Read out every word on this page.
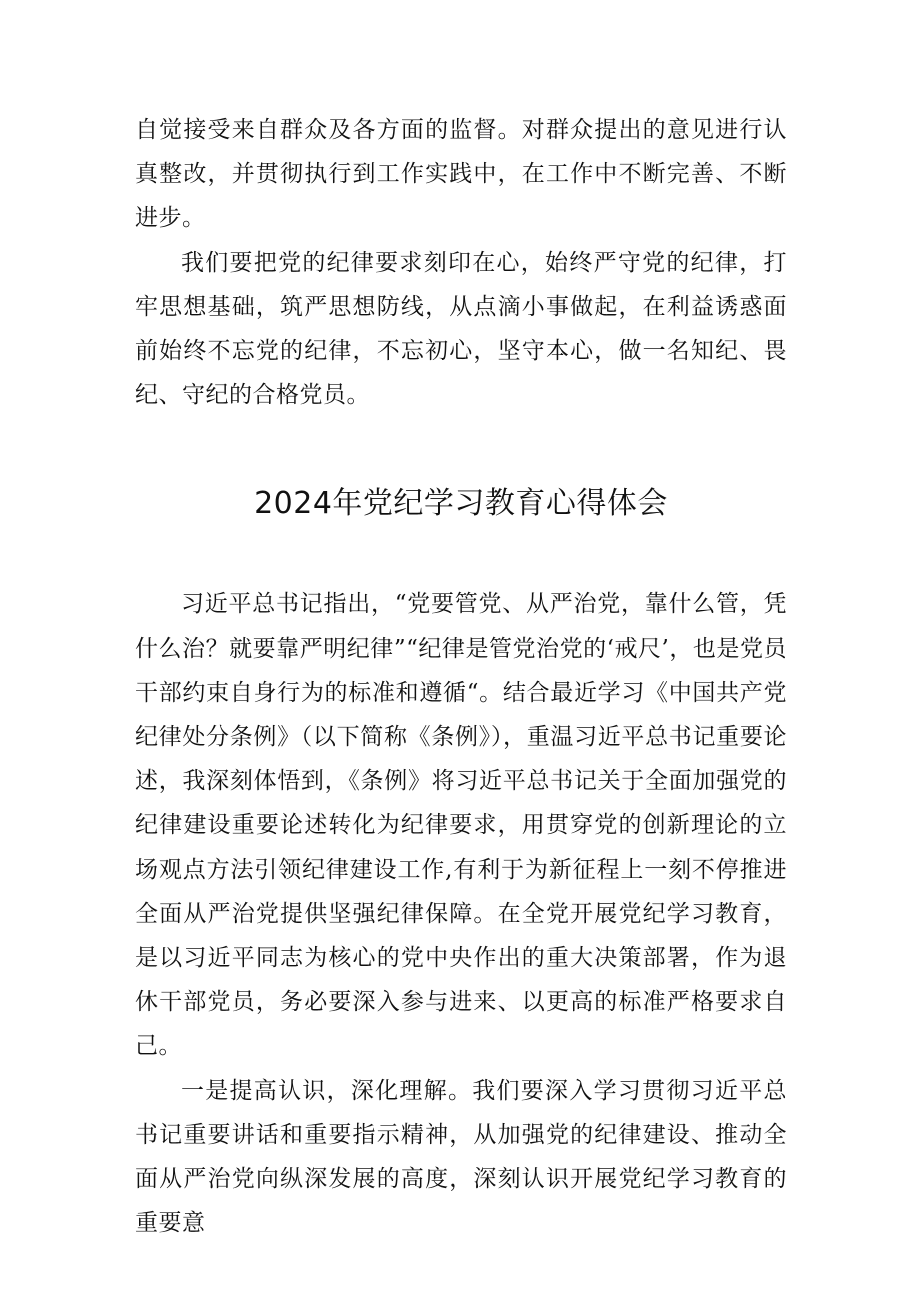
自觉接受来自群众及各方面的监督。对群众提出的意见进行认真整改，并贯彻执行到工作实践中，在工作中不断完善、不断进步。

我们要把党的纪律要求刻印在心，始终严守党的纪律，打牢思想基础，筑严思想防线，从点滴小事做起，在利益诱惑面前始终不忘党的纪律，不忘初心，坚守本心，做一名知纪、畏纪、守纪的合格党员。

2024年党纪学习教育心得体会

习近平总书记指出，“党要管党、从严治党，靠什么管，凭什么治？就要靠严明纪律”“纪律是管党治党的‘戒尺’，也是党员干部约束自身行为的标准和遵循“。结合最近学习《中国共产党纪律处分条例》（以下简称《条例》），重温习近平总书记重要论述，我深刻体悟到，《条例》将习近平总书记关于全面加强党的纪律建设重要论述转化为纪律要求，用贯穿党的创新理论的立场观点方法引领纪律建设工作,有利于为新征程上一刻不停推进全面从严治党提供坚强纪律保障。在全党开展党纪学习教育，是以习近平同志为核心的党中央作出的重大决策部署，作为退休干部党员，务必要深入参与进来、以更高的标准严格要求自己。

一是提高认识，深化理解。我们要深入学习贯彻习近平总书记重要讲话和重要指示精神，从加强党的纪律建设、推动全面从严治党向纵深发展的高度，深刻认识开展党纪学习教育的重要意
